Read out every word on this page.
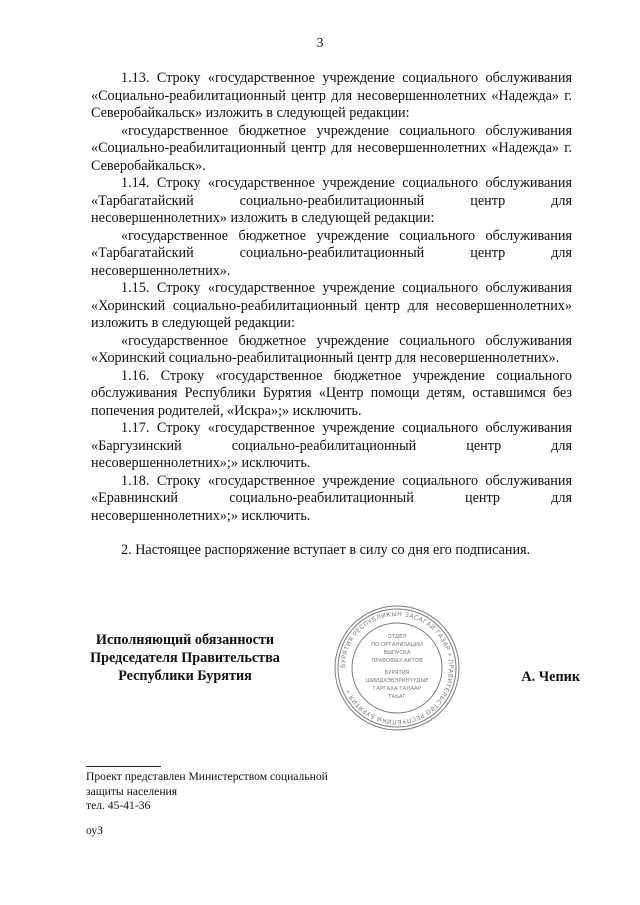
3

1.13. Строку «государственное учреждение социального обслуживания «Социально-реабилитационный центр для несовершеннолетних «Надежда» г. Северобайкальск» изложить в следующей редакции:

«государственное бюджетное учреждение социального обслуживания «Социально-реабилитационный центр для несовершеннолетних «Надежда» г. Северобайкальск».

1.14. Строку «государственное учреждение социального обслуживания «Тарбагатайский социально-реабилитационный центр для несовершеннолетних» изложить в следующей редакции:

«государственное бюджетное учреждение социального обслуживания «Тарбагатайский социально-реабилитационный центр для несовершеннолетних».

1.15. Строку «государственное учреждение социального обслуживания «Хоринский социально-реабилитационный центр для несовершеннолетних» изложить в следующей редакции:

«государственное бюджетное учреждение социального обслуживания «Хоринский социально-реабилитационный центр для несовершеннолетних».

1.16. Строку «государственное бюджетное учреждение социального обслуживания Республики Бурятия «Центр помощи детям, оставшимся без попечения родителей, «Искра»;» исключить.

1.17. Строку «государственное учреждение социального обслуживания «Баргузинский социально-реабилитационный центр для несовершеннолетних»;» исключить.

1.18. Строку «государственное учреждение социального обслуживания «Еравнинский социально-реабилитационный центр для несовершеннолетних»;» исключить.

2. Настоящее распоряжение вступает в силу со дня его подписания.

Исполняющий обязанности
Председателя Правительства
Республики Бурятия
БУРЯТИЯ РЕСПУБЛИКЫН ЗАСАГАЙ ГАЗАР • ПРАВИТЕЛЬСТВО РЕСПУБЛИКИ БУРЯТИЯ •
ОТДЕЛ
ПО ОРГАНИЗАЦИИ
ВЫПУСКА
ПРАВОВЫХ АКТОВ
БУРЯТИЯ
ШИИДХЭБЭРИНҮҮДЫЕ
ГАРГАХА ТАЛААР
ТАЬАГ
А. Чепик
Проект представлен Министерством социальной
защиты населения
тел. 45-41-36
оуЗ
